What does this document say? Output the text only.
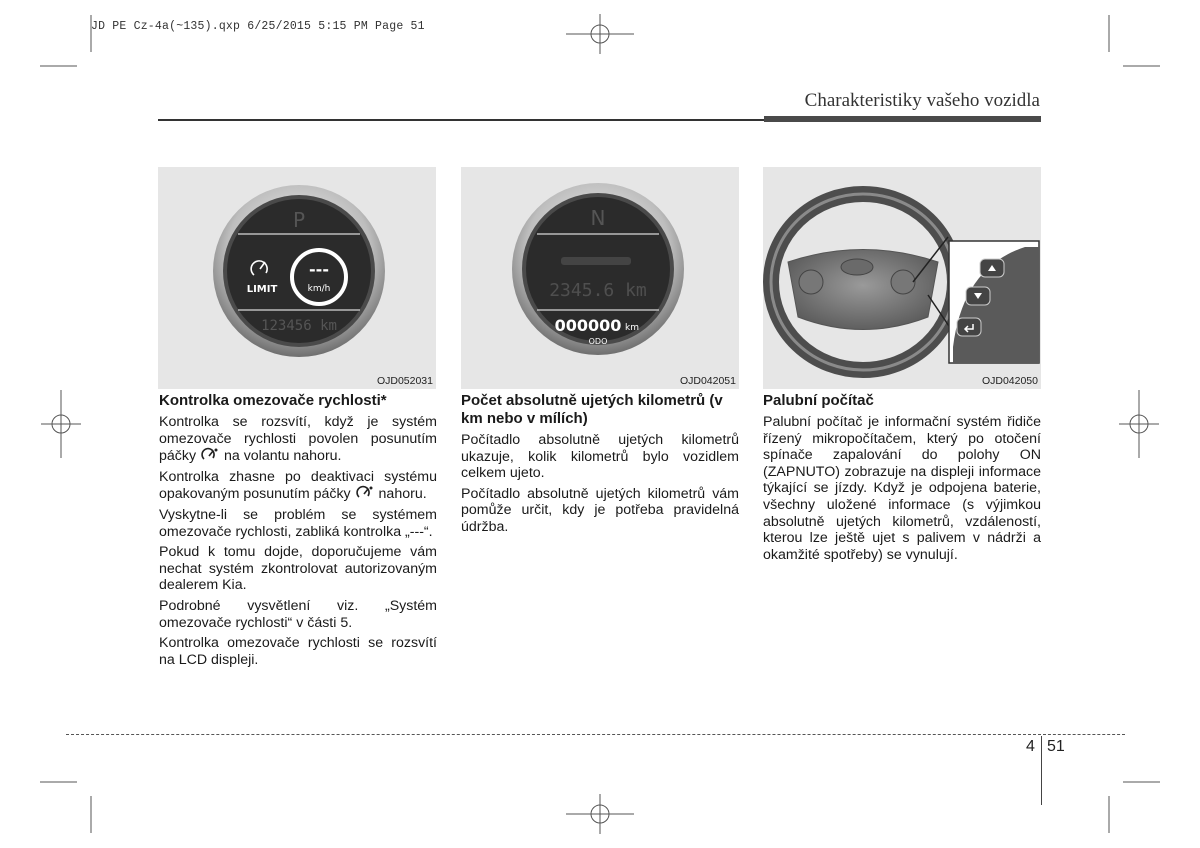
JD PE Cz-4a(~135).qxp 6/25/2015 5:15 PM Page 51
Charakteristiky vašeho vozidla
P
LIMIT
---
km/h
123456 km
OJD052031
N
2345.6 km
000000 km
ODO
OJD042051	OJD042050
Kontrolka omezovače rychlosti*

Kontrolka se rozsvítí, když je systém omezovače rychlosti povolen posunutím páčky na volantu nahoru.

Kontrolka zhasne po deaktivaci systému opakovaným posunutím páčky nahoru.

Vyskytne-li se problém se systémem omezovače rychlosti, zabliká kontrolka „---“.

Pokud k tomu dojde, doporučujeme vám nechat systém zkontrolovat autorizovaným dealerem Kia.

Podrobné vysvětlení viz. „Systém omezovače rychlosti“ v části 5.

Kontrolka omezovače rychlosti se rozsvítí na LCD displeji.

Počet absolutně ujetých kilometrů (v km nebo v mílích)

Počítadlo absolutně ujetých kilometrů ukazuje, kolik kilometrů bylo vozidlem celkem ujeto.

Počítadlo absolutně ujetých kilometrů vám pomůže určit, kdy je potřeba pravidelná údržba.

Palubní počítač

Palubní počítač je informační systém řidiče řízený mikropočítačem, který po otočení spínače zapalování do polohy ON (ZAPNUTO) zobrazuje na displeji informace týkající se jízdy. Když je odpojena baterie, všechny uložené informace (s výjimkou absolutně ujetých kilometrů, vzdáleností, kterou lze ještě ujet s palivem v nádrži a okamžité spotřeby) se vynulují.

4 51
